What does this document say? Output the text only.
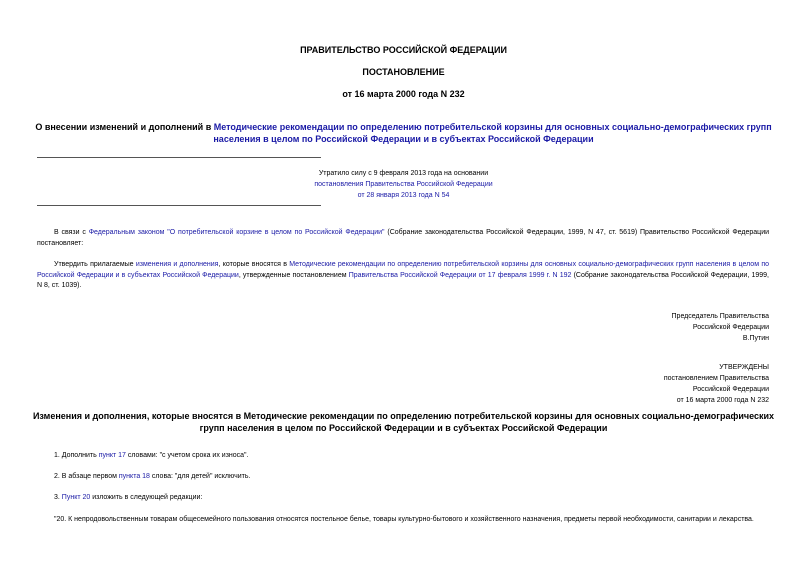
ПРАВИТЕЛЬСТВО РОССИЙСКОЙ ФЕДЕРАЦИИ
ПОСТАНОВЛЕНИЕ
от 16 марта 2000 года N 232
О внесении изменений и дополнений в Методические рекомендации по определению потребительской корзины для основных социально-демографических групп
населения в целом по Российской Федерации и в субъектах Российской Федерации
Утратило силу с 9 февраля 2013 года на основании
постановления Правительства Российской Федерации
от 28 января 2013 года N 54
В связи с Федеральным законом "О потребительской корзине в целом по Российской Федерации" (Собрание законодательства Российской Федерации, 1999, N 47, ст. 5619) Правительство Российской Федерации постановляет:
Утвердить прилагаемые изменения и дополнения, которые вносятся в Методические рекомендации по определению потребительской корзины для основных социально-демографических групп населения в целом по Российской Федерации и в субъектах Российской Федерации, утвержденные постановлением Правительства Российской Федерации от 17 февраля 1999 г. N 192 (Собрание законодательства Российской Федерации, 1999, N 8, ст. 1039).
Председатель Правительства
Российской Федерации
В.Путин
УТВЕРЖДЕНЫ
постановлением Правительства
Российской Федерации
от 16 марта 2000 года N 232
Изменения и дополнения, которые вносятся в Методические рекомендации по определению потребительской корзины для основных социально-демографических
групп населения в целом по Российской Федерации и в субъектах Российской Федерации
1. Дополнить пункт 17 словами: "с учетом срока их износа".
2. В абзаце первом пункта 18 слова: "для детей" исключить.
3. Пункт 20 изложить в следующей редакции:
"20. К непродовольственным товарам общесемейного пользования относятся постельное белье, товары культурно-бытового и хозяйственного назначения, предметы первой необходимости, санитарии и лекарства.
